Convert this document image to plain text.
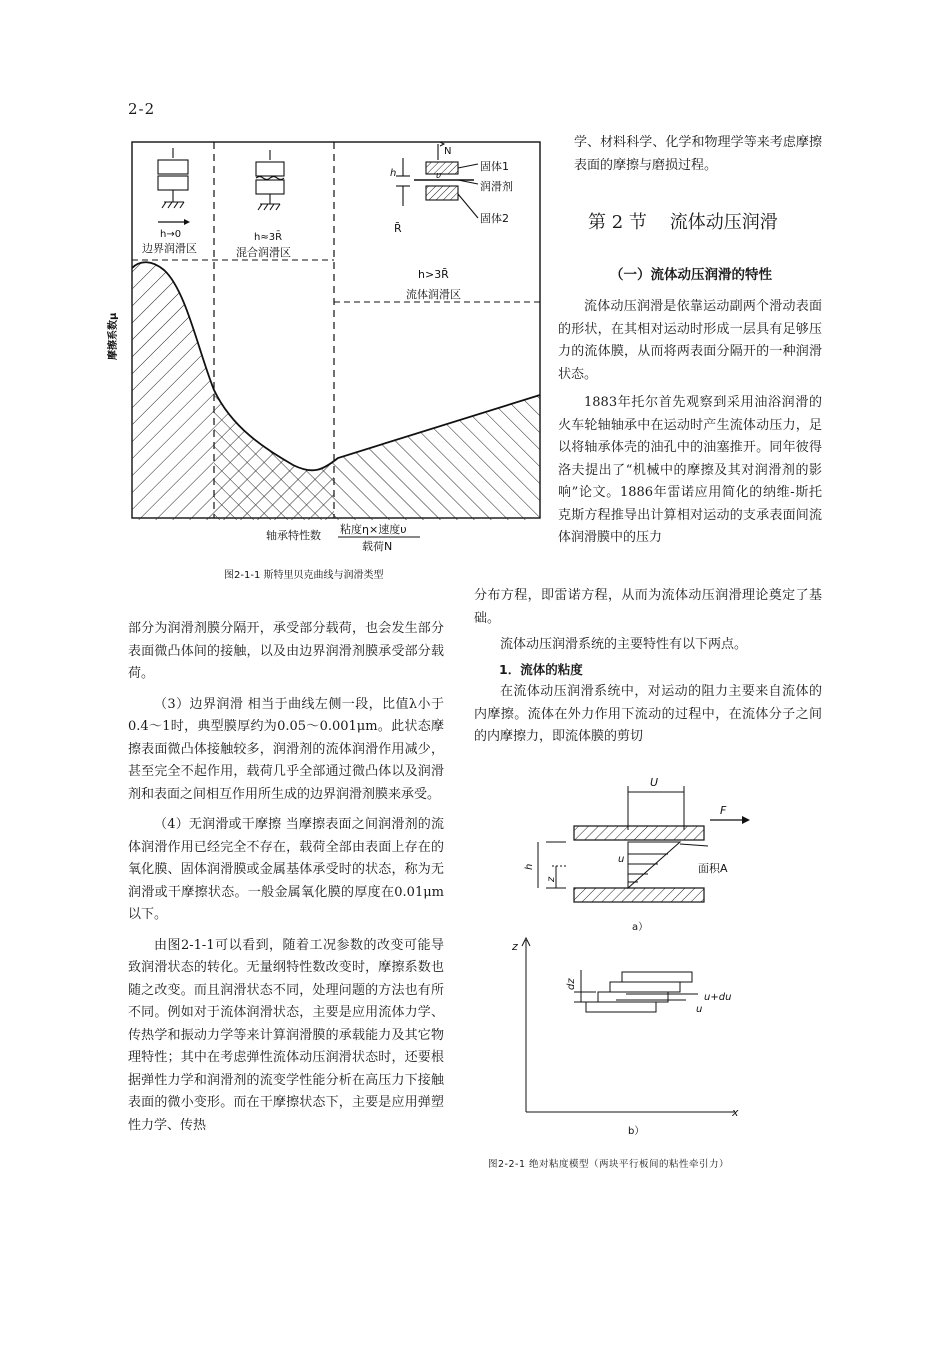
2-2
h→0
边界润滑区
h≈3R̄
混合润滑区
N
h	υ
R̄
固体1
润滑剂
固体2
h>3R̄
流体润滑区
摩擦系数μ
轴承特性数 粘度η×速度υ
载荷N
图2-1-1 斯特里贝克曲线与润滑类型

部分为润滑剂膜分隔开，承受部分载荷，也会发生部分表面微凸体间的接触，以及由边界润滑剂膜承受部分载荷。

（3）边界润滑 相当于曲线左侧一段，比值λ小于0.4～1时，典型膜厚约为0.05～0.001μm。此状态摩擦表面微凸体接触较多，润滑剂的流体润滑作用减少，甚至完全不起作用，载荷几乎全部通过微凸体以及润滑剂和表面之间相互作用所生成的边界润滑剂膜来承受。

（4）无润滑或干摩擦 当摩擦表面之间润滑剂的流体润滑作用已经完全不存在，载荷全部由表面上存在的氧化膜、固体润滑膜或金属基体承受时的状态，称为无润滑或干摩擦状态。一般金属氧化膜的厚度在0.01μm以下。

由图2-1-1可以看到，随着工况参数的改变可能导致润滑状态的转化。无量纲特性数改变时，摩擦系数也随之改变。而且润滑状态不同，处理问题的方法也有所不同。例如对于流体润滑状态，主要是应用流体力学、传热学和振动力学等来计算润滑膜的承载能力及其它物理特性；其中在考虑弹性流体动压润滑状态时，还要根据弹性力学和润滑剂的流变学性能分析在高压力下接触表面的微小变形。而在干摩擦状态下，主要是应用弹塑性力学、传热

学、材料科学、化学和物理学等来考虑摩擦表面的摩擦与磨损过程。

第 2 节    流体动压润滑
（一）流体动压润滑的特性

流体动压润滑是依靠运动副两个滑动表面的形状，在其相对运动时形成一层具有足够压力的流体膜，从而将两表面分隔开的一种润滑状态。

1883年托尔首先观察到采用油浴润滑的火车轮轴轴承中在运动时产生流体动压力，足以将轴承体壳的油孔中的油塞推开。同年彼得洛夫提出了“机械中的摩擦及其对润滑剂的影响”论文。1886年雷诺应用简化的纳维-斯托克斯方程推导出计算相对运动的支承表面间流体润滑膜中的压力

分布方程，即雷诺方程，从而为流体动压润滑理论奠定了基础。

流体动压润滑系统的主要特性有以下两点。

1．流体的粘度

在流体动压润滑系统中，对运动的阻力主要来自流体的内摩擦。流体在外力作用下流动的过程中，在流体分子之间的内摩擦力，即流体膜的剪切

U
F
面积A
h
z
u
a）
z
x
dz
u+du
u
b）
图2-2-1 绝对粘度模型（两块平行板间的粘性牵引力）
